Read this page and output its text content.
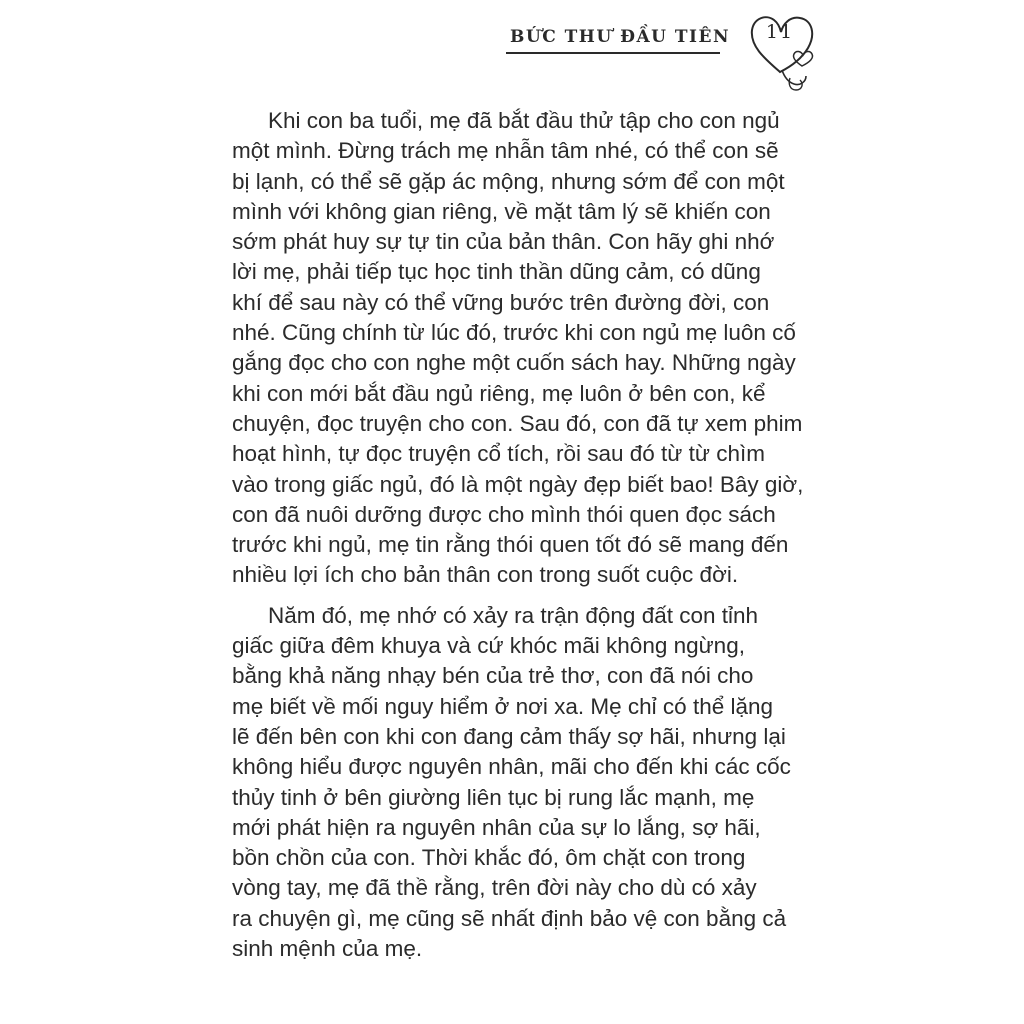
BỨC THƯ ĐẦU TIÊN 11
Khi con ba tuổi, mẹ đã bắt đầu thử tập cho con ngủ
một mình. Đừng trách mẹ nhẫn tâm nhé, có thể con sẽ
bị lạnh, có thể sẽ gặp ác mộng, nhưng sớm để con một
mình với không gian riêng, về mặt tâm lý sẽ khiến con
sớm phát huy sự tự tin của bản thân. Con hãy ghi nhớ
lời mẹ, phải tiếp tục học tinh thần dũng cảm, có dũng
khí để sau này có thể vững bước trên đường đời, con
nhé. Cũng chính từ lúc đó, trước khi con ngủ mẹ luôn cố
gắng đọc cho con nghe một cuốn sách hay. Những ngày
khi con mới bắt đầu ngủ riêng, mẹ luôn ở bên con, kể
chuyện, đọc truyện cho con. Sau đó, con đã tự xem phim
hoạt hình, tự đọc truyện cổ tích, rồi sau đó từ từ chìm
vào trong giấc ngủ, đó là một ngày đẹp biết bao! Bây giờ,
con đã nuôi dưỡng được cho mình thói quen đọc sách
trước khi ngủ, mẹ tin rằng thói quen tốt đó sẽ mang đến
nhiều lợi ích cho bản thân con trong suốt cuộc đời.
Năm đó, mẹ nhớ có xảy ra trận động đất con tỉnh
giấc giữa đêm khuya và cứ khóc mãi không ngừng,
bằng khả năng nhạy bén của trẻ thơ, con đã nói cho
mẹ biết về mối nguy hiểm ở nơi xa. Mẹ chỉ có thể lặng
lẽ đến bên con khi con đang cảm thấy sợ hãi, nhưng lại
không hiểu được nguyên nhân, mãi cho đến khi các cốc
thủy tinh ở bên giường liên tục bị rung lắc mạnh, mẹ
mới phát hiện ra nguyên nhân của sự lo lắng, sợ hãi,
bồn chồn của con. Thời khắc đó, ôm chặt con trong
vòng tay, mẹ đã thề rằng, trên đời này cho dù có xảy
ra chuyện gì, mẹ cũng sẽ nhất định bảo vệ con bằng cả
sinh mệnh của mẹ.
